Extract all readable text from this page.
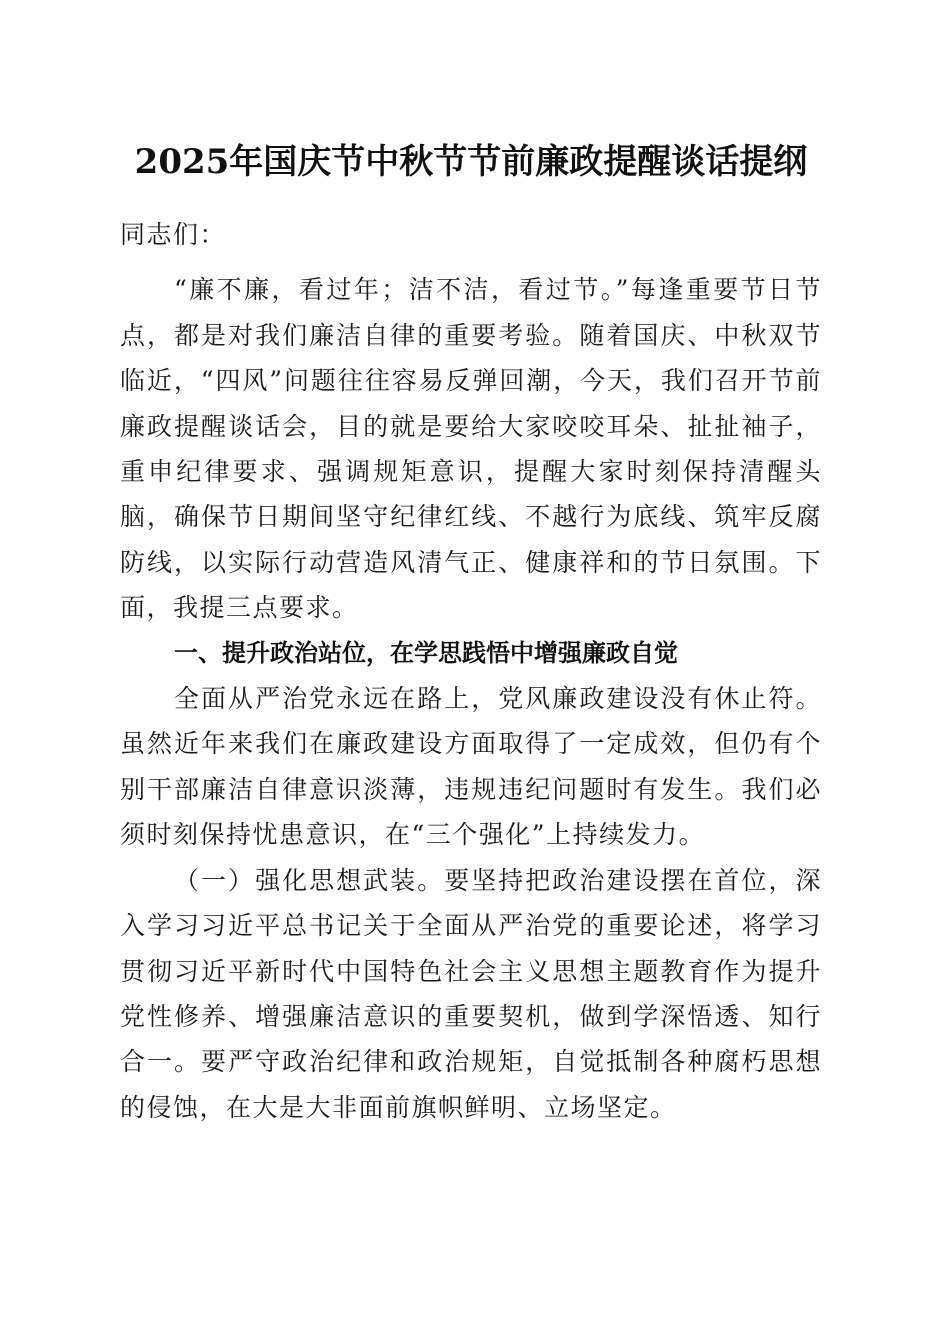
2025年国庆节中秋节节前廉政提醒谈话提纲

同志们：

“廉不廉，看过年；洁不洁，看过节。”每逢重要节日节点，都是对我们廉洁自律的重要考验。随着国庆、中秋双节临近，“四风”问题往往容易反弹回潮，今天，我们召开节前廉政提醒谈话会，目的就是要给大家咬咬耳朵、扯扯袖子，重申纪律要求、强调规矩意识，提醒大家时刻保持清醒头脑，确保节日期间坚守纪律红线、不越行为底线、筑牢反腐防线，以实际行动营造风清气正、健康祥和的节日氛围。下面，我提三点要求。

一、提升政治站位，在学思践悟中增强廉政自觉

全面从严治党永远在路上，党风廉政建设没有休止符。虽然近年来我们在廉政建设方面取得了一定成效，但仍有个别干部廉洁自律意识淡薄，违规违纪问题时有发生。我们必须时刻保持忧患意识，在“三个强化”上持续发力。

（一）强化思想武装。要坚持把政治建设摆在首位，深入学习习近平总书记关于全面从严治党的重要论述，将学习贯彻习近平新时代中国特色社会主义思想主题教育作为提升党性修养、增强廉洁意识的重要契机，做到学深悟透、知行合一。要严守政治纪律和政治规矩，自觉抵制各种腐朽思想的侵蚀，在大是大非面前旗帜鲜明、立场坚定。
